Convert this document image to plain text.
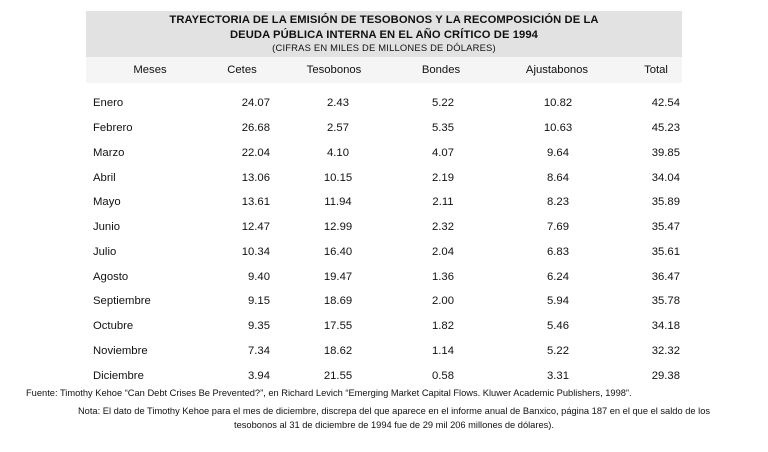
TRAYECTORIA DE LA EMISIÓN DE TESOBONOS Y LA RECOMPOSICIÓN DE LA
DEUDA PÚBLICA INTERNA EN EL AÑO CRÍTICO DE 1994
(CIFRAS EN MILES DE MILLONES DE DÓLARES)
Meses	Cetes	Tesobonos	Bondes	Ajustabonos	Total
Enero	24.07	2.43	5.22	10.82	42.54
Febrero	26.68	2.57	5.35	10.63	45.23
Marzo	22.04	4.10	4.07	9.64	39.85
Abril	13.06	10.15	2.19	8.64	34.04
Mayo	13.61	11.94	2.11	8.23	35.89
Junio	12.47	12.99	2.32	7.69	35.47
Julio	10.34	16.40	2.04	6.83	35.61
Agosto	9.40	19.47	1.36	6.24	36.47
Septiembre	9.15	18.69	2.00	5.94	35.78
Octubre	9.35	17.55	1.82	5.46	34.18
Noviembre	7.34	18.62	1.14	5.22	32.32
Diciembre	3.94	21.55	0.58	3.31	29.38
Fuente: Timothy Kehoe “Can Debt Crises Be Prevented?”, en Richard Levich “Emerging Market Capital Flows. Kluwer Academic Publishers, 1998”.
Nota: El dato de Timothy Kehoe para el mes de diciembre, discrepa del que aparece en el informe anual de Banxico, página 187 en el que el saldo de los
tesobonos al 31 de diciembre de 1994 fue de 29 mil 206 millones de dólares).
